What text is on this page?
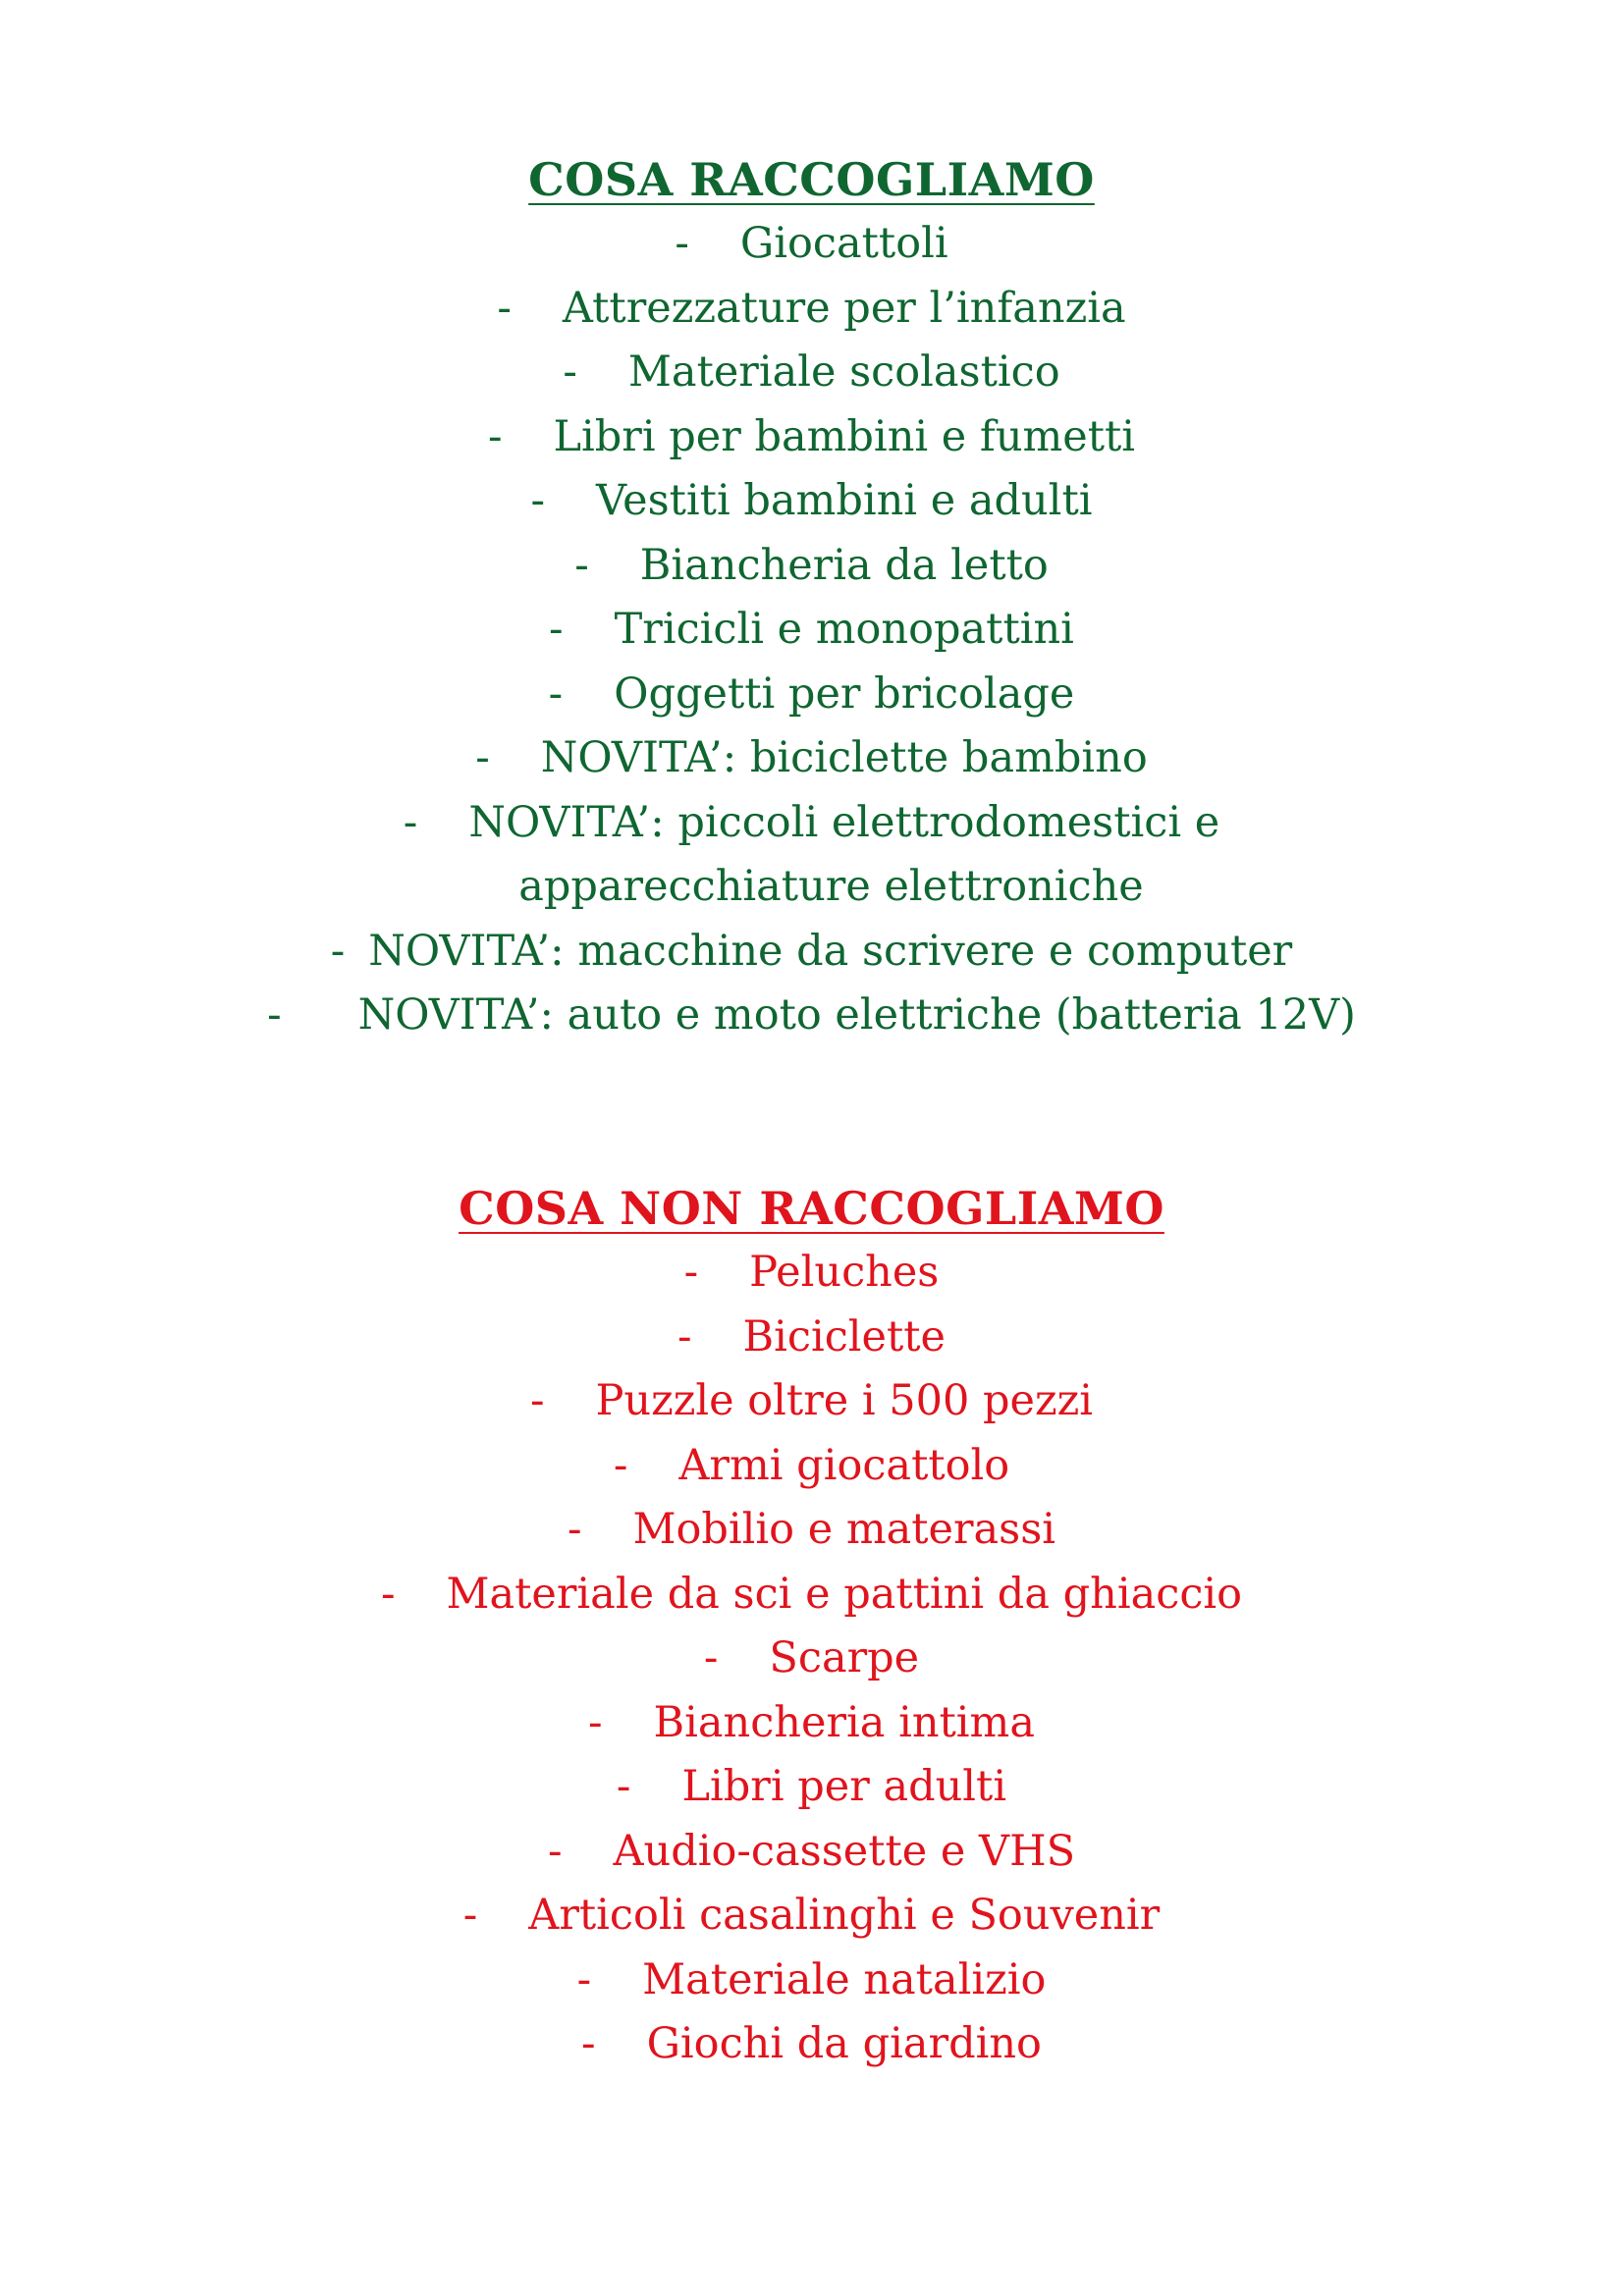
COSA RACCOGLIAMO
- Giocattoli
- Attrezzature per l’infanzia
- Materiale scolastico
- Libri per bambini e fumetti
- Vestiti bambini e adulti
- Biancheria da letto
- Tricicli e monopattini
- Oggetti per bricolage
- NOVITA’: biciclette bambino
- NOVITA’: piccoli elettrodomestici e
apparecchiature elettroniche
- NOVITA’: macchine da scrivere e computer
- NOVITA’: auto e moto elettriche (batteria 12V)
COSA NON RACCOGLIAMO
- Peluches
- Biciclette
- Puzzle oltre i 500 pezzi
- Armi giocattolo
- Mobilio e materassi
- Materiale da sci e pattini da ghiaccio
- Scarpe
- Biancheria intima
- Libri per adulti
- Audio-cassette e VHS
- Articoli casalinghi e Souvenir
- Materiale natalizio
- Giochi da giardino
